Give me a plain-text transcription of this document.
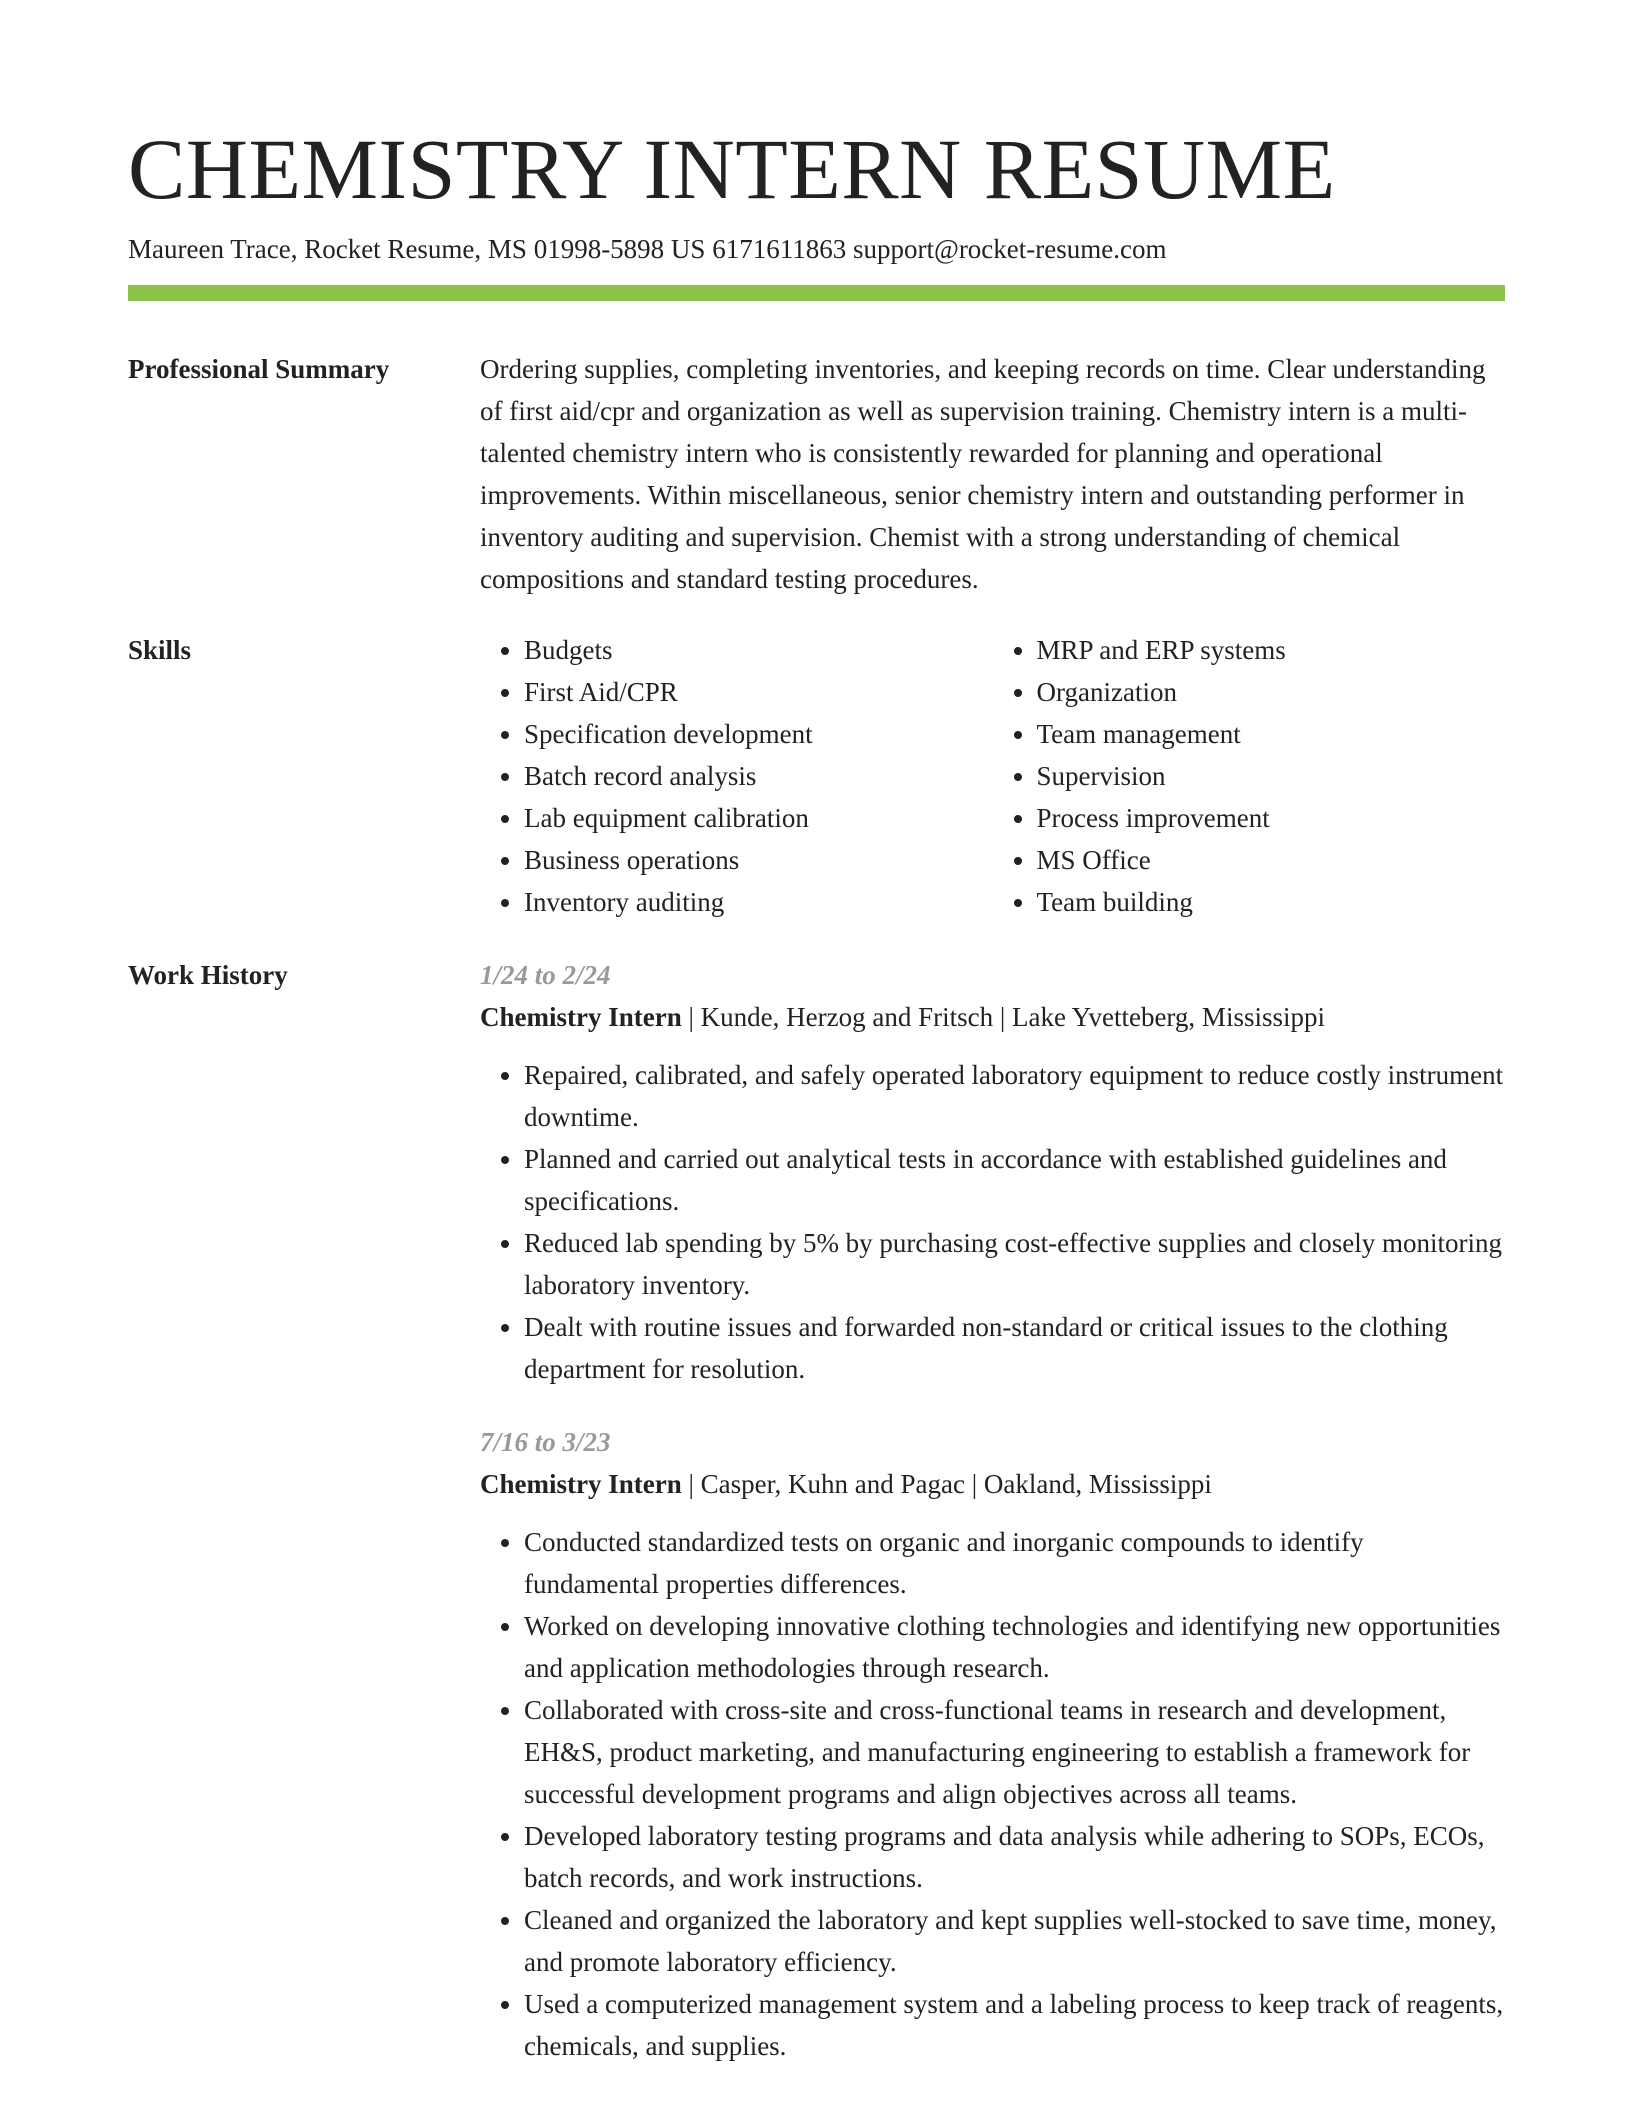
CHEMISTRY INTERN RESUME
Maureen Trace, Rocket Resume, MS 01998-5898 US 6171611863 support@rocket-resume.com
Professional Summary	Ordering supplies, completing inventories, and keeping records on time. Clear understanding of first aid/cpr and organization as well as supervision training. Chemistry intern is a multi-talented chemistry intern who is consistently rewarded for planning and operational improvements. Within miscellaneous, senior chemistry intern and outstanding performer in inventory auditing and supervision. Chemist with a strong understanding of chemical compositions and standard testing procedures.

Skills
•	Budgets
• First Aid/CPR
• Specification development
• Batch record analysis
• Lab equipment calibration
• Business operations
• Inventory auditing
• MRP and ERP systems
• Organization
• Team management
• Supervision
• Process improvement
• MS Office
• Team building
Work History	1/24 to 2/24
Chemistry Intern | Kunde, Herzog and Fritsch | Lake Yvetteberg, Mississippi
• Repaired, calibrated, and safely operated laboratory equipment to reduce costly instrument downtime.
• Planned and carried out analytical tests in accordance with established guidelines and specifications.
• Reduced lab spending by 5% by purchasing cost-effective supplies and closely monitoring laboratory inventory.
• Dealt with routine issues and forwarded non-standard or critical issues to the clothing department for resolution.
7/16 to 3/23
Chemistry Intern | Casper, Kuhn and Pagac | Oakland, Mississippi
• Conducted standardized tests on organic and inorganic compounds to identify fundamental properties differences.
• Worked on developing innovative clothing technologies and identifying new opportunities and application methodologies through research.
• Collaborated with cross-site and cross-functional teams in research and development, EH&S, product marketing, and manufacturing engineering to establish a framework for successful development programs and align objectives across all teams.
• Developed laboratory testing programs and data analysis while adhering to SOPs, ECOs, batch records, and work instructions.
• Cleaned and organized the laboratory and kept supplies well-stocked to save time, money, and promote laboratory efficiency.
• Used a computerized management system and a labeling process to keep track of reagents, chemicals, and supplies.
